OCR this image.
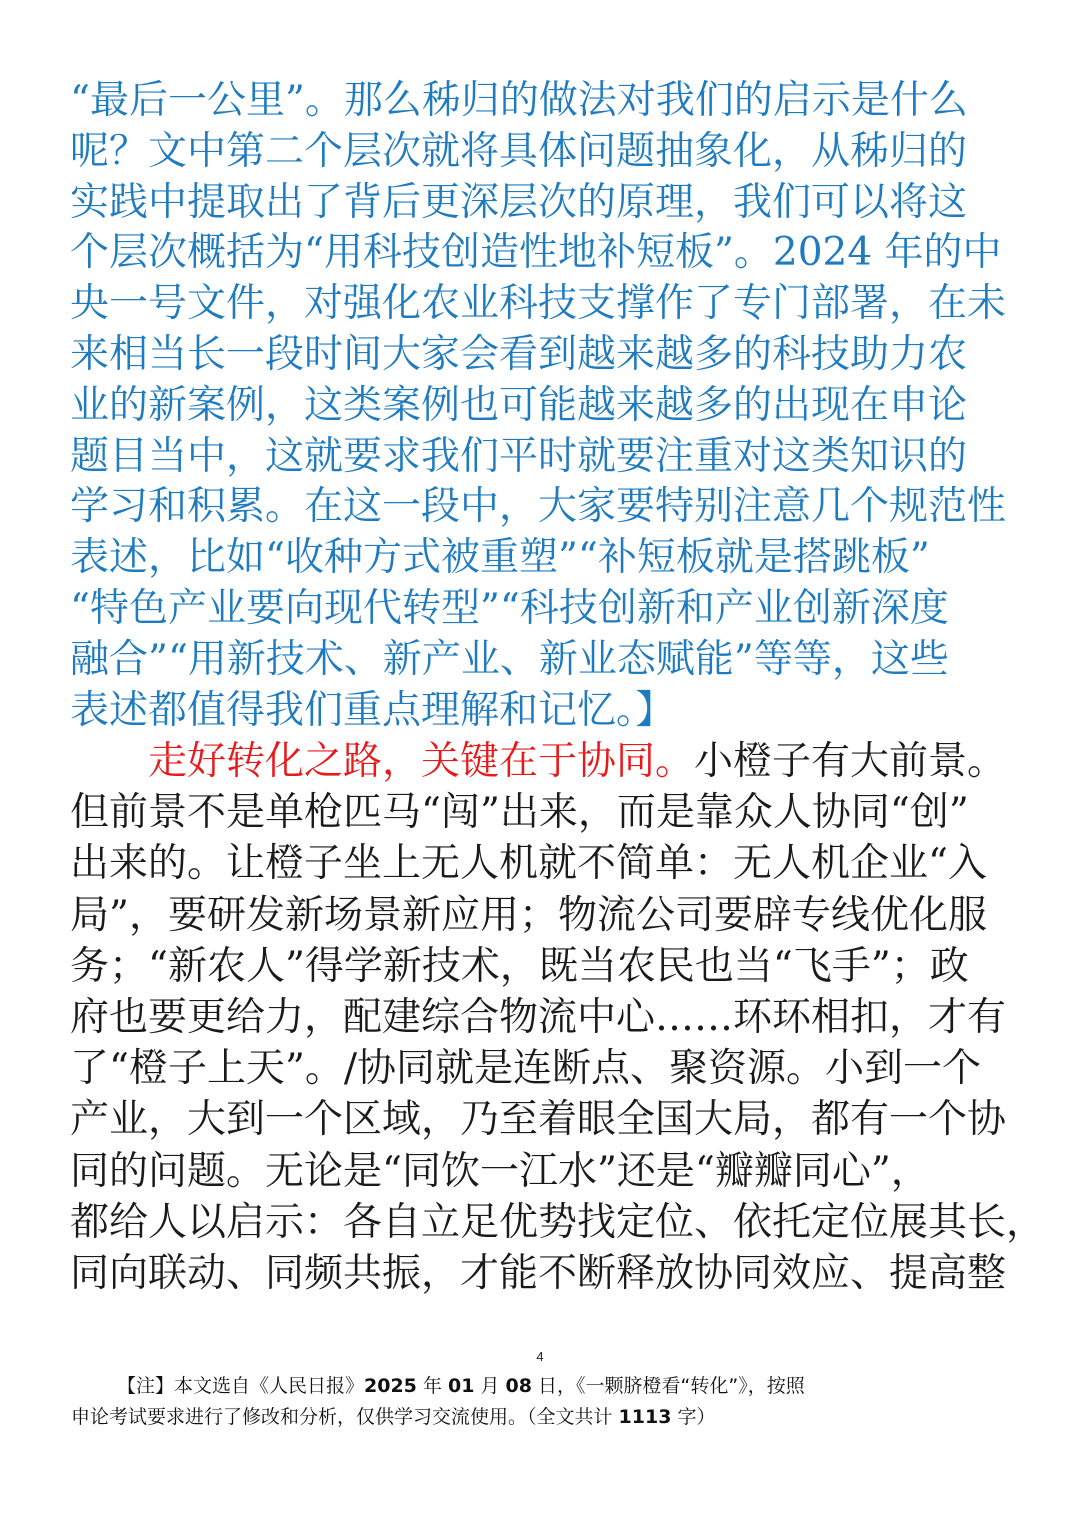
“最后一公里”。那么秭归的做法对我们的启示是什么
呢？文中第二个层次就将具体问题抽象化，从秭归的
实践中提取出了背后更深层次的原理，我们可以将这
个层次概括为“用科技创造性地补短板”。2024 年的中
央一号文件，对强化农业科技支撑作了专门部署，在未
来相当长一段时间大家会看到越来越多的科技助力农
业的新案例，这类案例也可能越来越多的出现在申论
题目当中，这就要求我们平时就要注重对这类知识的
学习和积累。在这一段中，大家要特别注意几个规范性
表述，比如“收种方式被重塑”“补短板就是搭跳板”
“特色产业要向现代转型”“科技创新和产业创新深度
融合”“用新技术、新产业、新业态赋能”等等，这些
表述都值得我们重点理解和记忆。】
走好转化之路，关键在于协同。小橙子有大前景。
但前景不是单枪匹马“闯”出来，而是靠众人协同“创”
出来的。让橙子坐上无人机就不简单：无人机企业“入
局”，要研发新场景新应用；物流公司要辟专线优化服
务；“新农人”得学新技术，既当农民也当“飞手”；政
府也要更给力，配建综合物流中心……环环相扣，才有
了“橙子上天”。/协同就是连断点、聚资源。小到一个
产业，大到一个区域，乃至着眼全国大局，都有一个协
同的问题。无论是“同饮一江水”还是“瓣瓣同心”，
都给人以启示：各自立足优势找定位、依托定位展其长，
同向联动、同频共振，才能不断释放协同效应、提高整
4
【注】本文选自《人民日报》2025 年 01 月 08 日，《一颗脐橙看“转化”》，按照
申论考试要求进行了修改和分析，仅供学习交流使用。（全文共计 1113 字）
